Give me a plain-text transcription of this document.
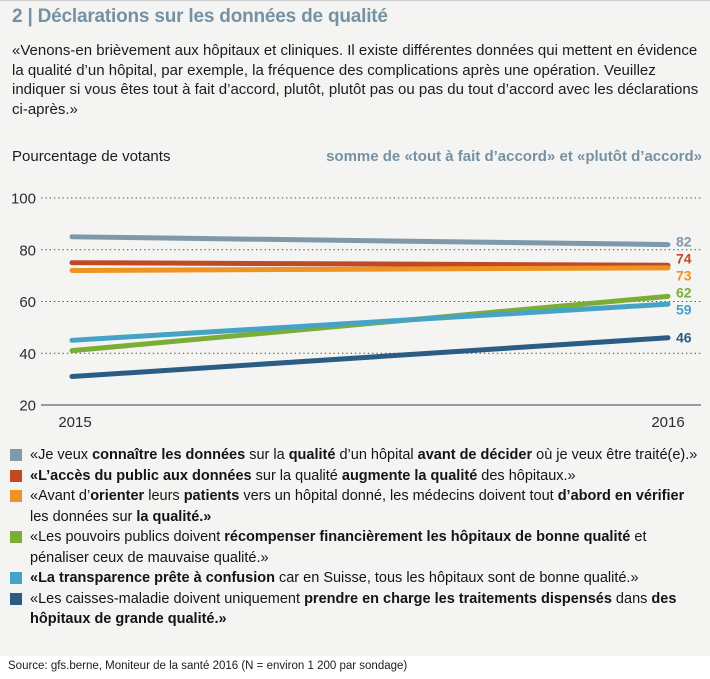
2 | Déclarations sur les données de qualité

«Venons-en brièvement aux hôpitaux et cliniques. Il existe différentes données qui mettent en évidence la qualité d’un hôpital, par exemple, la fréquence des complications après une opération. Veuillez indiquer si vous êtes tout à fait d’accord, plutôt, plutôt pas ou pas du tout d’accord avec les déclarations ci-après.»

Pourcentage de votants	somme de «tout à fait d’accord» et «plutôt d’accord»
100
80
60
40
20
2015	2016
82
74
73
62
59
46
«Je veux connaître les données sur la qualité d’un hôpital avant de décider où je veux être traité(e).»
«L’accès du public aux données sur la qualité augmente la qualité des hôpitaux.»
«Avant d’orienter leurs patients vers un hôpital donné, les médecins doivent tout d’abord en vérifier les données sur la qualité.»
«Les pouvoirs publics doivent récompenser financièrement les hôpitaux de bonne qualité et pénaliser ceux de mauvaise qualité.»
«La transparence prête à confusion car en Suisse, tous les hôpitaux sont de bonne qualité.»
«Les caisses-maladie doivent uniquement prendre en charge les traitements dispensés dans des hôpitaux de grande qualité.»
Source: gfs.berne, Moniteur de la santé 2016 (N = environ 1 200 par sondage)
